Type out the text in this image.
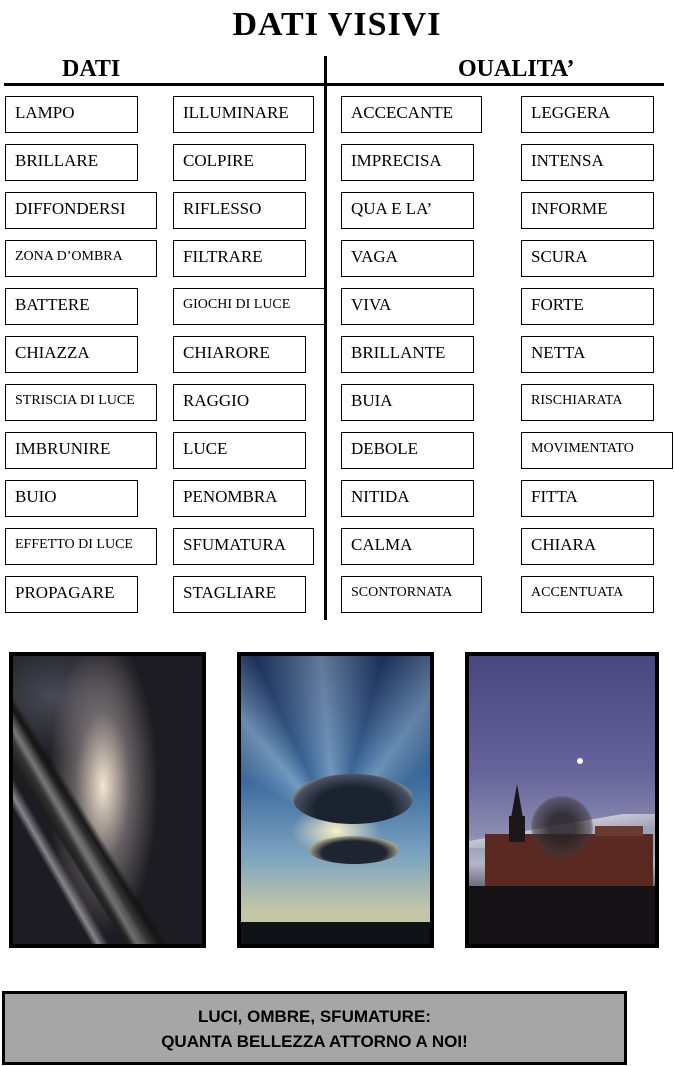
DATI VISIVI
DATI	OUALITA’
LAMPO
BRILLARE
DIFFONDERSI
ZONA D’OMBRA
BATTERE
CHIAZZA
STRISCIA DI LUCE
IMBRUNIRE
BUIO
EFFETTO DI LUCE
PROPAGARE
ILLUMINARE
COLPIRE
RIFLESSO
FILTRARE
GIOCHI DI LUCE
CHIARORE
RAGGIO
LUCE
PENOMBRA
SFUMATURA
STAGLIARE
ACCECANTE
IMPRECISA
QUA E LA’
VAGA
VIVA
BRILLANTE
BUIA
DEBOLE
NITIDA
CALMA
SCONTORNATA
LEGGERA
INTENSA
INFORME
SCURA
FORTE
NETTA
RISCHIARATA
MOVIMENTATO
FITTA
CHIARA
ACCENTUATA
LUCI, OMBRE, SFUMATURE:
QUANTA BELLEZZA ATTORNO A NOI!
